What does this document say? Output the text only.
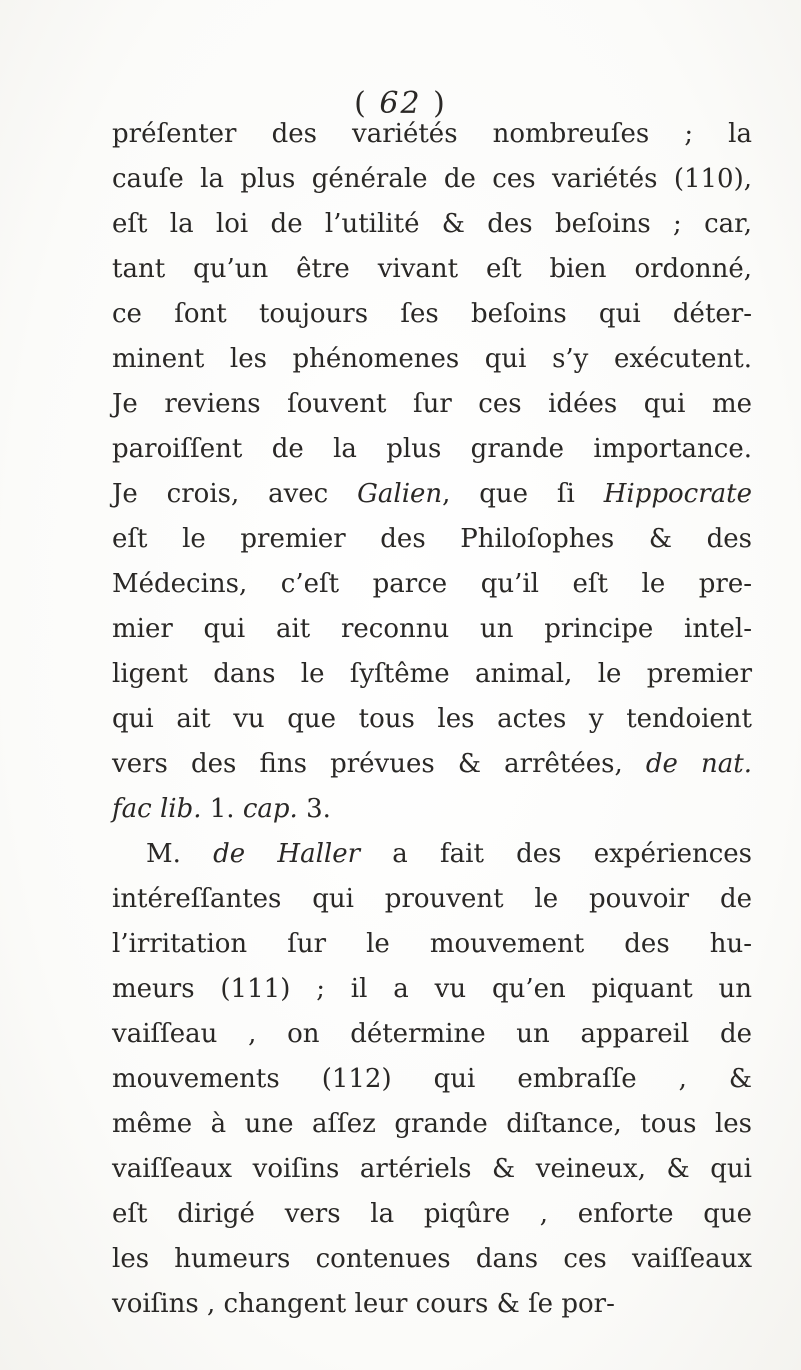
( 62 )
préſenter des variétés nombreuſes ; la
cauſe la plus générale de ces variétés (110),
eſt la loi de l’utilité & des beſoins ; car,
tant qu’un être vivant eſt bien ordonné,
ce ſont toujours ſes beſoins qui déter-
minent les phénomenes qui s’y exécutent.
Je reviens ſouvent ſur ces idées qui me
paroiſſent de la plus grande importance.
Je crois, avec Galien, que ſi Hippocrate
eſt le premier des Philoſophes & des
Médecins, c’eſt parce qu’il eſt le pre-
mier qui ait reconnu un principe intel-
ligent dans le ſyſtême animal, le premier
qui ait vu que tous les actes y tendoient
vers des fins prévues & arrêtées, de nat.
fac lib. 1. cap. 3.
M. de Haller a fait des expériences
intéreſſantes qui prouvent le pouvoir de
l’irritation ſur le mouvement des hu-
meurs (111) ; il a vu qu’en piquant un
vaiſſeau , on détermine un appareil de
mouvements (112) qui embraſſe , &
même à une aſſez grande diſtance, tous les
vaiſſeaux voiſins artériels & veineux, & qui
eſt dirigé vers la piqûre , enforte que
les humeurs contenues dans ces vaiſſeaux
voiſins , changent leur cours & ſe por-
